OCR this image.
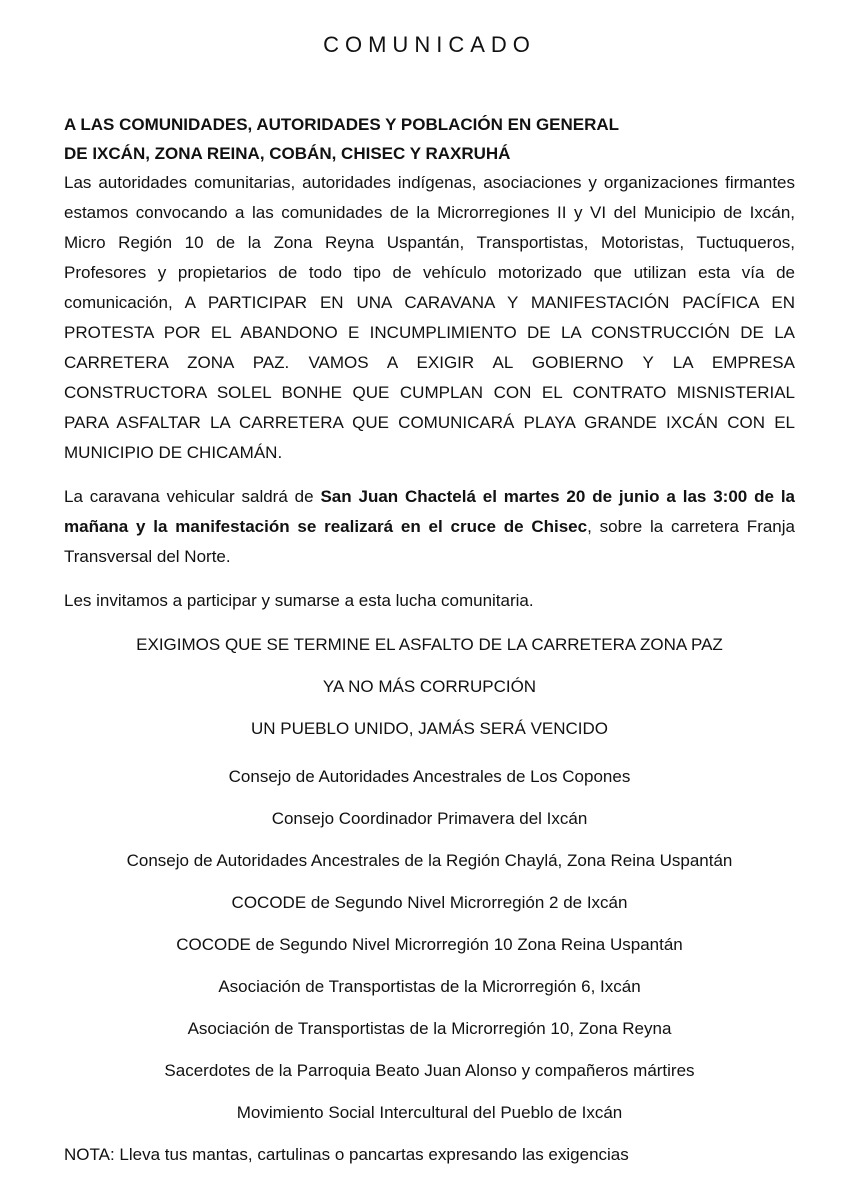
COMUNICADO
A LAS COMUNIDADES, AUTORIDADES Y POBLACIÓN EN GENERAL
DE IXCÁN, ZONA REINA, COBÁN, CHISEC Y RAXRUHÁ
Las autoridades comunitarias, autoridades indígenas, asociaciones y organizaciones firmantes estamos convocando a las comunidades de la Microrregiones II y VI del Municipio de Ixcán, Micro Región 10 de la Zona Reyna Uspantán, Transportistas, Motoristas, Tuctuqueros, Profesores y propietarios de todo tipo de vehículo motorizado que utilizan esta vía de comunicación, A PARTICIPAR EN UNA CARAVANA Y MANIFESTACIÓN PACÍFICA EN PROTESTA POR EL ABANDONO E INCUMPLIMIENTO DE LA CONSTRUCCIÓN DE LA CARRETERA ZONA PAZ. VAMOS A EXIGIR AL GOBIERNO Y LA EMPRESA CONSTRUCTORA SOLEL BONHE QUE CUMPLAN CON EL CONTRATO MISNISTERIAL PARA ASFALTAR LA CARRETERA QUE COMUNICARÁ PLAYA GRANDE IXCÁN CON EL MUNICIPIO DE CHICAMÁN.
La caravana vehicular saldrá de San Juan Chactelá el martes 20 de junio a las 3:00 de la mañana y la manifestación se realizará en el cruce de Chisec, sobre la carretera Franja Transversal del Norte.
Les invitamos a participar y sumarse a esta lucha comunitaria.
EXIGIMOS QUE SE TERMINE EL ASFALTO DE LA CARRETERA ZONA PAZ
YA NO MÁS CORRUPCIÓN
UN PUEBLO UNIDO, JAMÁS SERÁ VENCIDO
Consejo de Autoridades Ancestrales de Los Copones
Consejo Coordinador Primavera del Ixcán
Consejo de Autoridades Ancestrales de la Región Chaylá, Zona Reina Uspantán
COCODE de Segundo Nivel Microrregión 2 de Ixcán
COCODE de Segundo Nivel Microrregión 10 Zona Reina Uspantán
Asociación de Transportistas de la Microrregión 6, Ixcán
Asociación de Transportistas de la Microrregión 10, Zona Reyna
Sacerdotes de la Parroquia Beato Juan Alonso y compañeros mártires
Movimiento Social Intercultural del Pueblo de Ixcán
NOTA: Lleva tus mantas, cartulinas o pancartas expresando las exigencias
